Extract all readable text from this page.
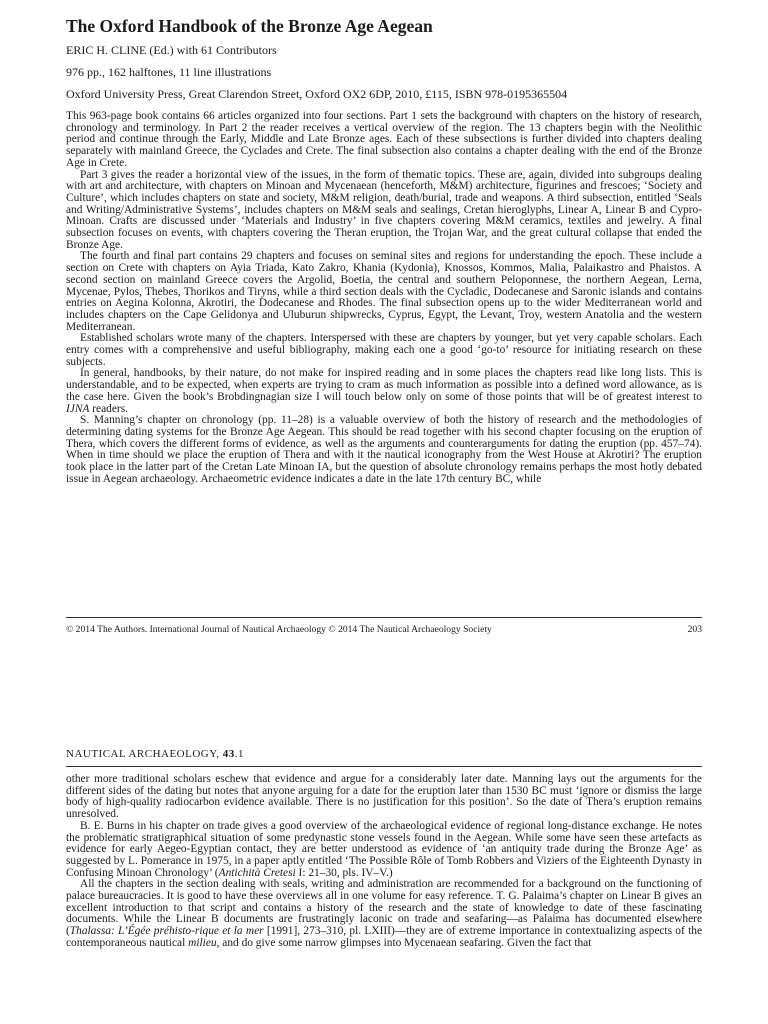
The Oxford Handbook of the Bronze Age Aegean
ERIC H. CLINE (Ed.) with 61 Contributors
976 pp., 162 halftones, 11 line illustrations
Oxford University Press, Great Clarendon Street, Oxford OX2 6DP, 2010, £115, ISBN 978-0195365504

This 963-page book contains 66 articles organized into four sections. Part 1 sets the background with chapters on the history of research, chronology and terminology. In Part 2 the reader receives a vertical overview of the region. The 13 chapters begin with the Neolithic period and continue through the Early, Middle and Late Bronze ages. Each of these subsections is further divided into chapters dealing separately with mainland Greece, the Cyclades and Crete. The final subsection also contains a chapter dealing with the end of the Bronze Age in Crete.

Part 3 gives the reader a horizontal view of the issues, in the form of thematic topics. These are, again, divided into subgroups dealing with art and architecture, with chapters on Minoan and Mycenaean (henceforth, M&M) architecture, figurines and frescoes; ‘Society and Culture’, which includes chapters on state and society, M&M religion, death/burial, trade and weapons. A third subsection, entitled ‘Seals and Writing/Administrative Systems’, includes chapters on M&M seals and sealings, Cretan hieroglyphs, Linear A, Linear B and Cypro-Minoan. Crafts are discussed under ‘Materials and Industry’ in five chapters covering M&M ceramics, textiles and jewelry. A final subsection focuses on events, with chapters covering the Theran eruption, the Trojan War, and the great cultural collapse that ended the Bronze Age.

The fourth and final part contains 29 chapters and focuses on seminal sites and regions for understanding the epoch. These include a section on Crete with chapters on Ayia Triada, Kato Zakro, Khania (Kydonia), Knossos, Kommos, Malia, Palaikastro and Phaistos. A second section on mainland Greece covers the Argolid, Boetia, the central and southern Peloponnese, the northern Aegean, Lerna, Mycenae, Pylos, Thebes, Thorikos and Tiryns, while a third section deals with the Cycladic, Dodecanese and Saronic islands and contains entries on Aegina Kolonna, Akrotiri, the Dodecanese and Rhodes. The final subsection opens up to the wider Mediterranean world and includes chapters on the Cape Gelidonya and Uluburun shipwrecks, Cyprus, Egypt, the Levant, Troy, western Anatolia and the western Mediterranean.

Established scholars wrote many of the chapters. Interspersed with these are chapters by younger, but yet very capable scholars. Each entry comes with a comprehensive and useful bibliography, making each one a good ‘go-to’ resource for initiating research on these subjects.

In general, handbooks, by their nature, do not make for inspired reading and in some places the chapters read like long lists. This is understandable, and to be expected, when experts are trying to cram as much information as possible into a defined word allowance, as is the case here. Given the book’s Brobdingnagian size I will touch below only on some of those points that will be of greatest interest to IJNA readers.

S. Manning’s chapter on chronology (pp. 11–28) is a valuable overview of both the history of research and the methodologies of determining dating systems for the Bronze Age Aegean. This should be read together with his second chapter focusing on the eruption of Thera, which covers the different forms of evidence, as well as the arguments and counterarguments for dating the eruption (pp. 457–74). When in time should we place the eruption of Thera and with it the nautical iconography from the West House at Akrotiri? The eruption took place in the latter part of the Cretan Late Minoan IA, but the question of absolute chronology remains perhaps the most hotly debated issue in Aegean archaeology. Archaeometric evidence indicates a date in the late 17th century BC, while

© 2014 The Authors. International Journal of Nautical Archaeology © 2014 The Nautical Archaeology Society	203
NAUTICAL ARCHAEOLOGY, 43.1

other more traditional scholars eschew that evidence and argue for a considerably later date. Manning lays out the arguments for the different sides of the dating but notes that anyone arguing for a date for the eruption later than 1530 BC must ‘ignore or dismiss the large body of high-quality radiocarbon evidence available. There is no justification for this position’. So the date of Thera’s eruption remains unresolved.

B. E. Burns in his chapter on trade gives a good overview of the archaeological evidence of regional long-distance exchange. He notes the problematic stratigraphical situation of some predynastic stone vessels found in the Aegean. While some have seen these artefacts as evidence for early Aegeo-Egyptian contact, they are better understood as evidence of ‘an antiquity trade during the Bronze Age’ as suggested by L. Pomerance in 1975, in a paper aptly entitled ‘The Possible Rôle of Tomb Robbers and Viziers of the Eighteenth Dynasty in Confusing Minoan Chronology’ (Antichità Cretesi I: 21–30, pls. IV–V.)

All the chapters in the section dealing with seals, writing and administration are recommended for a background on the functioning of palace bureaucracies. It is good to have these overviews all in one volume for easy reference. T. G. Palaima’s chapter on Linear B gives an excellent introduction to that script and contains a history of the research and the state of knowledge to date of these fascinating documents. While the Linear B documents are frustratingly laconic on trade and seafaring—as Palaima has documented elsewhere (Thalassa: L’Égée préhisto-rique et la mer [1991], 273–310, pl. LXIII)—they are of extreme importance in contextualizing aspects of the contemporaneous nautical milieu, and do give some narrow glimpses into Mycenaean seafaring. Given the fact that
